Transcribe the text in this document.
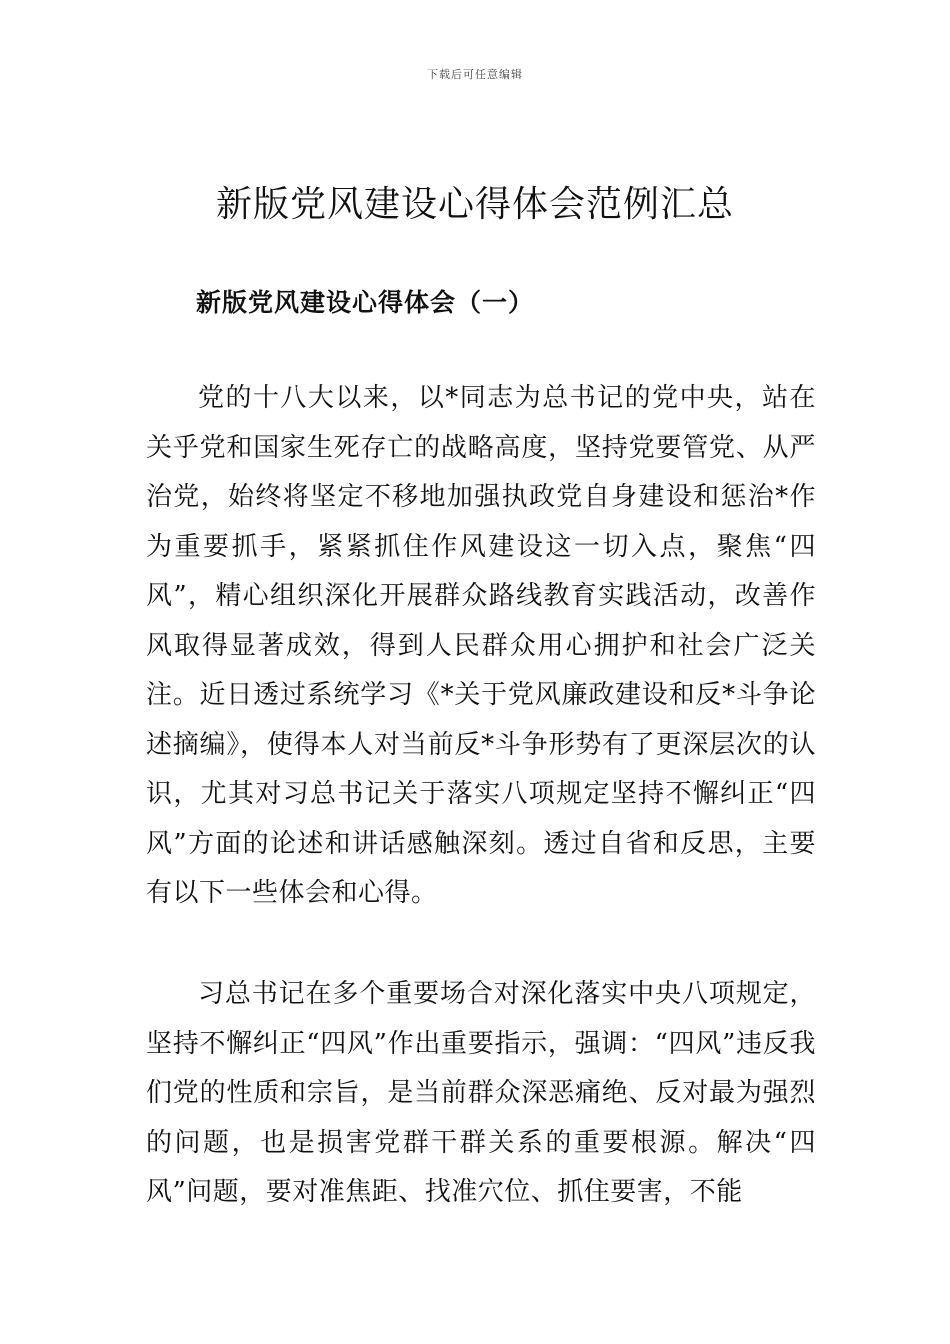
下载后可任意编辑
新版党风建设心得体会范例汇总
新版党风建设心得体会（一）

党的十八大以来，以*同志为总书记的党中央，站在关乎党和国家生死存亡的战略高度，坚持党要管党、从严治党，始终将坚定不移地加强执政党自身建设和惩治*作为重要抓手，紧紧抓住作风建设这一切入点，聚焦“四风”，精心组织深化开展群众路线教育实践活动，改善作风取得显著成效，得到人民群众用心拥护和社会广泛关注。近日透过系统学习《*关于党风廉政建设和反*斗争论述摘编》，使得本人对当前反*斗争形势有了更深层次的认识，尤其对习总书记关于落实八项规定坚持不懈纠正“四风”方面的论述和讲话感触深刻。透过自省和反思，主要有以下一些体会和心得。

习总书记在多个重要场合对深化落实中央八项规定，坚持不懈纠正“四风”作出重要指示，强调：“四风”违反我们党的性质和宗旨，是当前群众深恶痛绝、反对最为强烈的问题，也是损害党群干群关系的重要根源。解决“四风”问题，要对准焦距、找准穴位、抓住要害，不能
